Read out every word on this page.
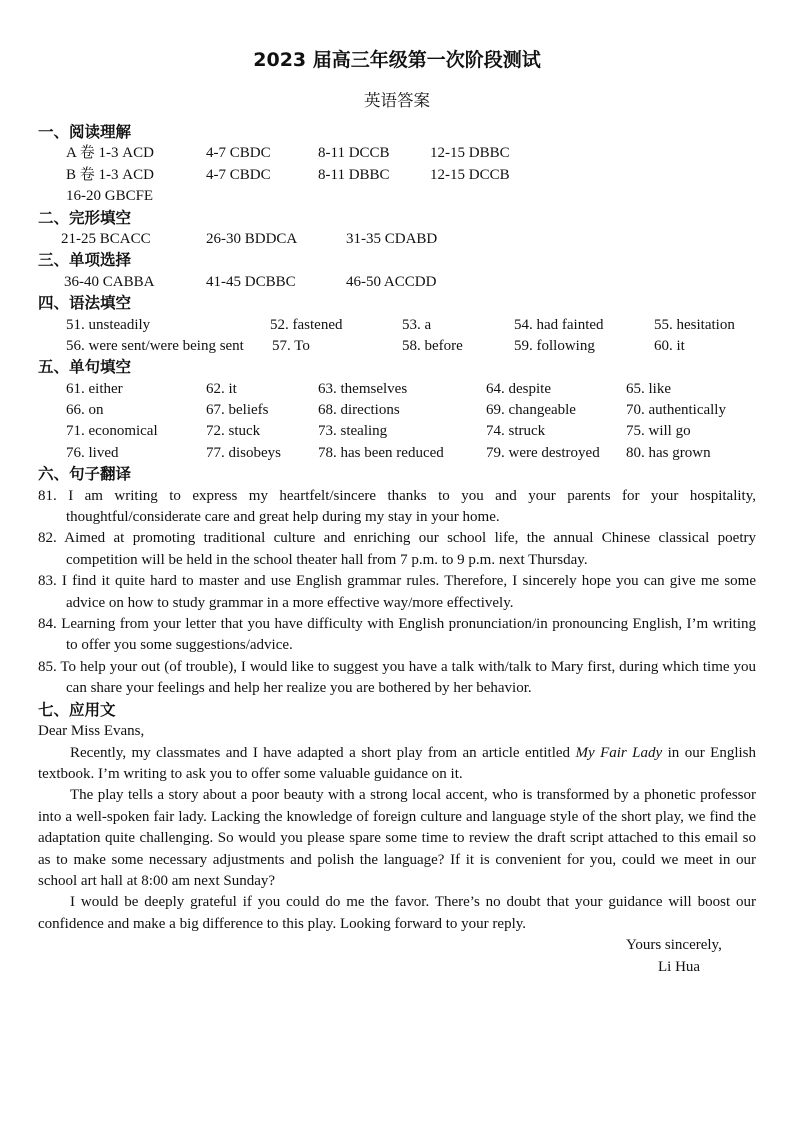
2023 届高三年级第一次阶段测试
英语答案
一、阅读理解
A 卷 1-3 ACD	4-7 CBDC	8-11 DCCB	12-15 DBBC
B 卷 1-3 ACD	4-7 CBDC	8-11 DBBC	12-15 DCCB
16-20 GBCFE
二、完形填空
21-25 BCACC	26-30 BDDCA	31-35 CDABD
三、单项选择
36-40 CABBA	41-45 DCBBC	46-50 ACCDD
四、语法填空
51. unsteadily	52. fastened	53. a	54. had fainted	55. hesitation
56. were sent/were being sent 57. To	58. before	59. following	60. it
五、单句填空
61. either	62. it	63. themselves	64. despite	65. like
66. on	67. beliefs	68. directions	69. changeable	70. authentically
71. economical	72. stuck	73. stealing	74. struck	75. will go
76. lived	77. disobeys 78. has been reduced	79. were destroyed 80. has grown
六、句子翻译

81. I am writing to express my heartfelt/sincere thanks to you and your parents for your hospitality, thoughtful/considerate care and great help during my stay in your home.

82. Aimed at promoting traditional culture and enriching our school life, the annual Chinese classical poetry competition will be held in the school theater hall from 7 p.m. to 9 p.m. next Thursday.

83. I find it quite hard to master and use English grammar rules. Therefore, I sincerely hope you can give me some advice on how to study grammar in a more effective way/more effectively.

84. Learning from your letter that you have difficulty with English pronunciation/in pronouncing English, I’m writing to offer you some suggestions/advice.

85. To help your out (of trouble), I would like to suggest you have a talk with/talk to Mary first, during which time you can share your feelings and help her realize you are bothered by her behavior.

七、应用文

Dear Miss Evans,

Recently, my classmates and I have adapted a short play from an article entitled My Fair Lady in our English textbook. I’m writing to ask you to offer some valuable guidance on it.

The play tells a story about a poor beauty with a strong local accent, who is transformed by a phonetic professor into a well-spoken fair lady. Lacking the knowledge of foreign culture and language style of the short play, we find the adaptation quite challenging. So would you please spare some time to review the draft script attached to this email so as to make some necessary adjustments and polish the language? If it is convenient for you, could we meet in our school art hall at 8:00 am next Sunday?

I would be deeply grateful if you could do me the favor. There’s no doubt that your guidance will boost our confidence and make a big difference to this play. Looking forward to your reply.

Yours sincerely,
Li Hua
